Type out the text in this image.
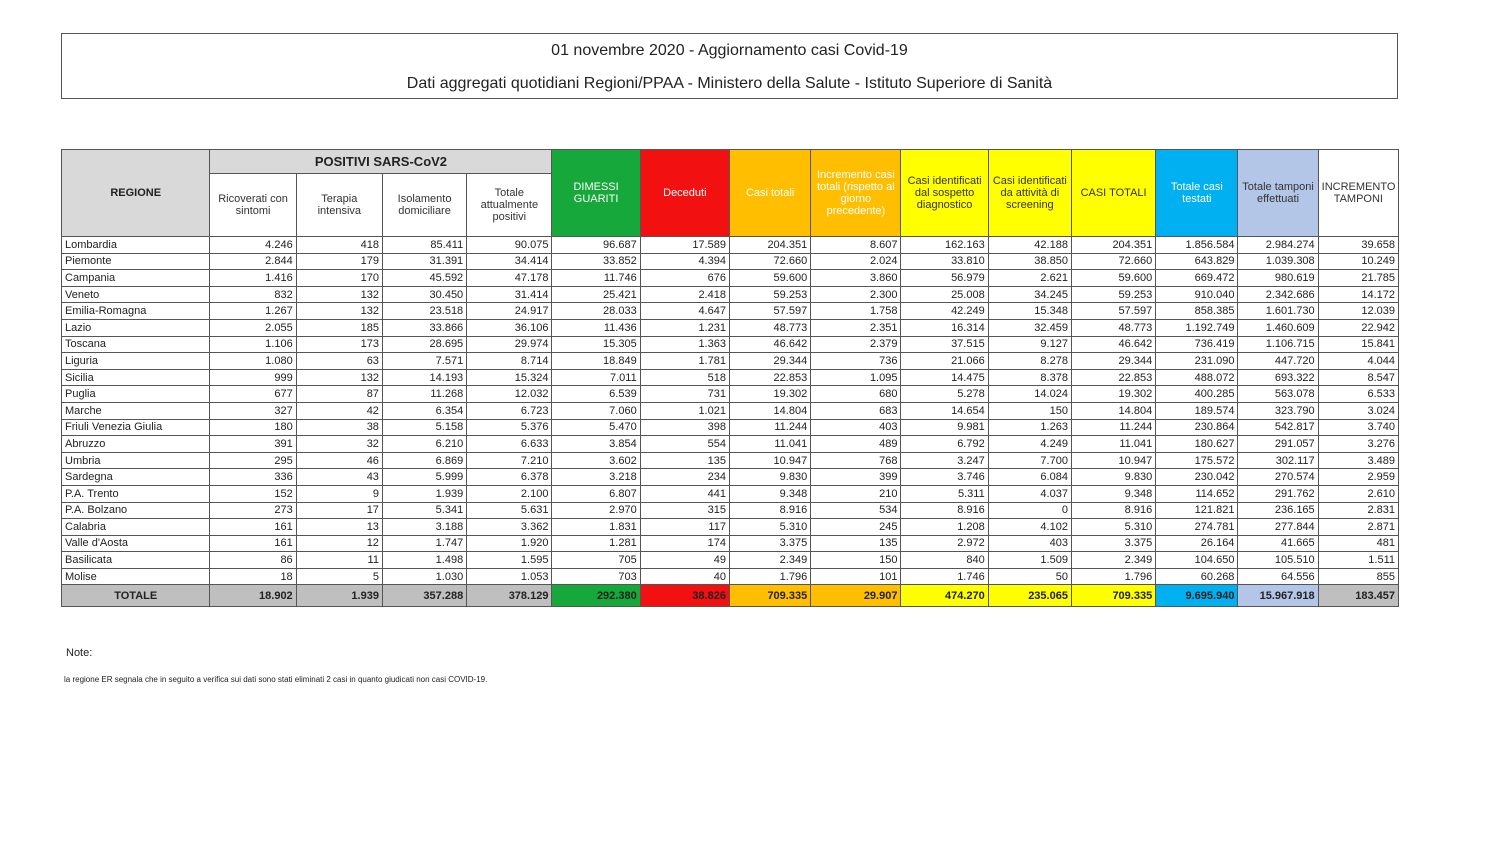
01 novembre 2020 - Aggiornamento casi Covid-19
Dati aggregati quotidiani Regioni/PPAA - Ministero della Salute - Istituto Superiore di Sanità
REGIONE	POSITIVI SARS-CoV2				DIMESSI GUARITI	Deceduti	Casi totali	Incremento casi totali (rispetto al giorno precedente)	Casi identificati dal sospetto diagnostico	Casi identificati da attività di screening	CASI TOTALI	Totale casi testati	Totale tamponi effettuati	INCREMENTO TAMPONI
	Ricoverati con sintomi	Terapia intensiva	Isolamento domiciliare	Totale attualmente positivi										
Lombardia	4.246	418	85.411	90.075	96.687	17.589	204.351	8.607	162.163	42.188	204.351	1.856.584	2.984.274	39.658
Piemonte	2.844	179	31.391	34.414	33.852	4.394	72.660	2.024	33.810	38.850	72.660	643.829	1.039.308	10.249
Campania	1.416	170	45.592	47.178	11.746	676	59.600	3.860	56.979	2.621	59.600	669.472	980.619	21.785
Veneto	832	132	30.450	31.414	25.421	2.418	59.253	2.300	25.008	34.245	59.253	910.040	2.342.686	14.172
Emilia-Romagna	1.267	132	23.518	24.917	28.033	4.647	57.597	1.758	42.249	15.348	57.597	858.385	1.601.730	12.039
Lazio	2.055	185	33.866	36.106	11.436	1.231	48.773	2.351	16.314	32.459	48.773	1.192.749	1.460.609	22.942
Toscana	1.106	173	28.695	29.974	15.305	1.363	46.642	2.379	37.515	9.127	46.642	736.419	1.106.715	15.841
Liguria	1.080	63	7.571	8.714	18.849	1.781	29.344	736	21.066	8.278	29.344	231.090	447.720	4.044
Sicilia	999	132	14.193	15.324	7.011	518	22.853	1.095	14.475	8.378	22.853	488.072	693.322	8.547
Puglia	677	87	11.268	12.032	6.539	731	19.302	680	5.278	14.024	19.302	400.285	563.078	6.533
Marche	327	42	6.354	6.723	7.060	1.021	14.804	683	14.654	150	14.804	189.574	323.790	3.024
Friuli Venezia Giulia	180	38	5.158	5.376	5.470	398	11.244	403	9.981	1.263	11.244	230.864	542.817	3.740
Abruzzo	391	32	6.210	6.633	3.854	554	11.041	489	6.792	4.249	11.041	180.627	291.057	3.276
Umbria	295	46	6.869	7.210	3.602	135	10.947	768	3.247	7.700	10.947	175.572	302.117	3.489
Sardegna	336	43	5.999	6.378	3.218	234	9.830	399	3.746	6.084	9.830	230.042	270.574	2.959
P.A. Trento	152	9	1.939	2.100	6.807	441	9.348	210	5.311	4.037	9.348	114.652	291.762	2.610
P.A. Bolzano	273	17	5.341	5.631	2.970	315	8.916	534	8.916	0	8.916	121.821	236.165	2.831
Calabria	161	13	3.188	3.362	1.831	117	5.310	245	1.208	4.102	5.310	274.781	277.844	2.871
Valle d'Aosta	161	12	1.747	1.920	1.281	174	3.375	135	2.972	403	3.375	26.164	41.665	481
Basilicata	86	11	1.498	1.595	705	49	2.349	150	840	1.509	2.349	104.650	105.510	1.511
Molise	18	5	1.030	1.053	703	40	1.796	101	1.746	50	1.796	60.268	64.556	855
TOTALE	18.902	1.939	357.288	378.129	292.380	38.826	709.335	29.907	474.270	235.065	709.335	9.695.940	15.967.918	183.457
Note:
la regione ER segnala che in seguito a verifica sui dati sono stati eliminati 2 casi in quanto giudicati non casi COVID-19.
